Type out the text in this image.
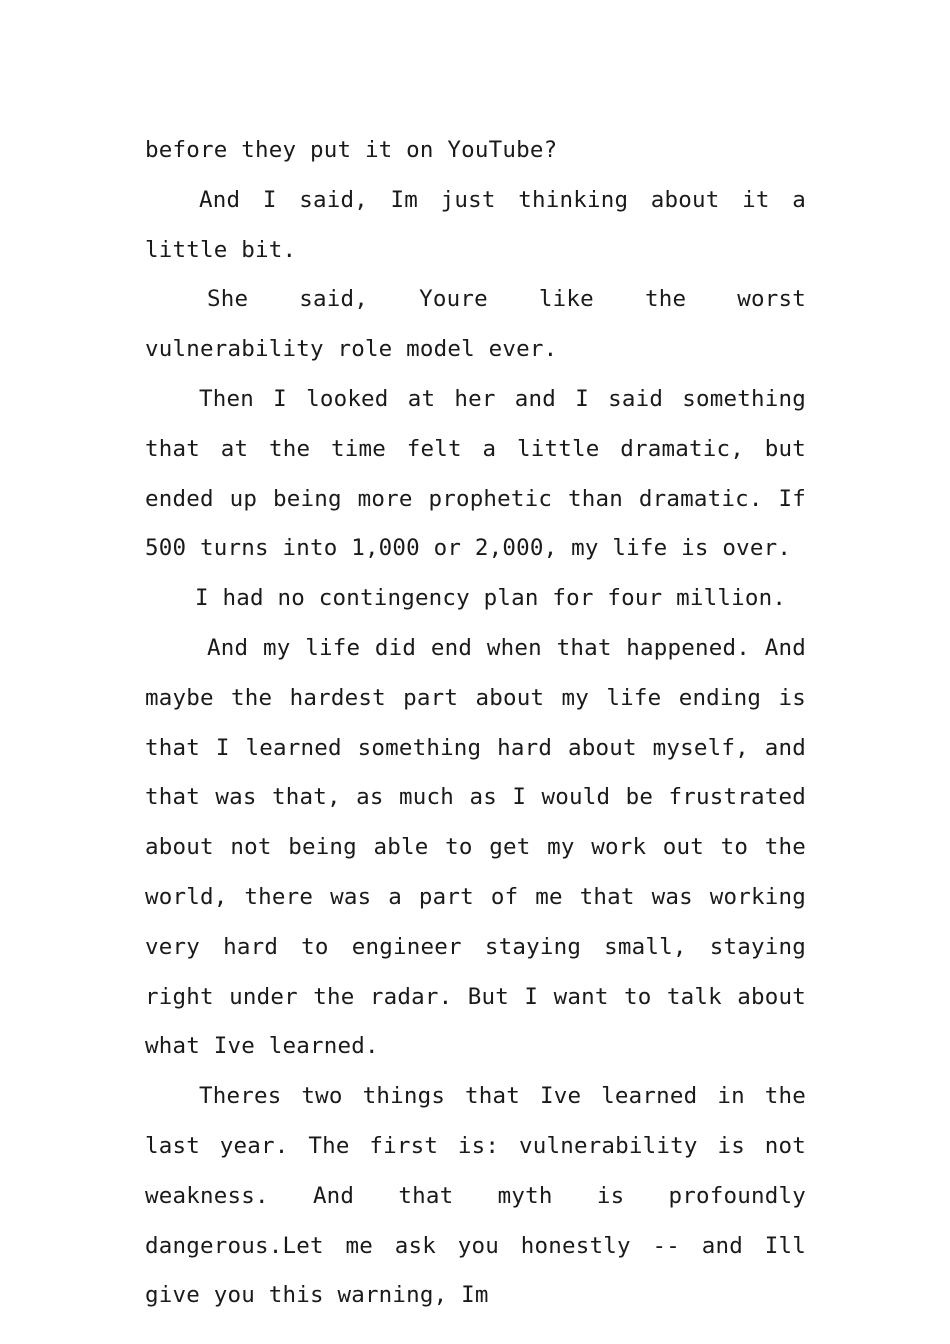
before they put it on YouTube?

And I said, Im just thinking about it a little bit.

She said, Youre like the worst vulnerability role model ever.

Then I looked at her and I said something that at the time felt a little dramatic, but ended up being more prophetic than dramatic. If 500 turns into 1,000 or 2,000, my life is over.

I had no contingency plan for four million.

And my life did end when that happened. And maybe the hardest part about my life ending is that I learned something hard about myself, and that was that, as much as I would be frustrated about not being able to get my work out to the world, there was a part of me that was working very hard to engineer staying small, staying right under the radar. But I want to talk about what Ive learned.

Theres two things that Ive learned in the last year. The first is: vulnerability is not weakness. And that myth is profoundly dangerous.Let me ask you honestly -- and Ill give you this warning, Im
